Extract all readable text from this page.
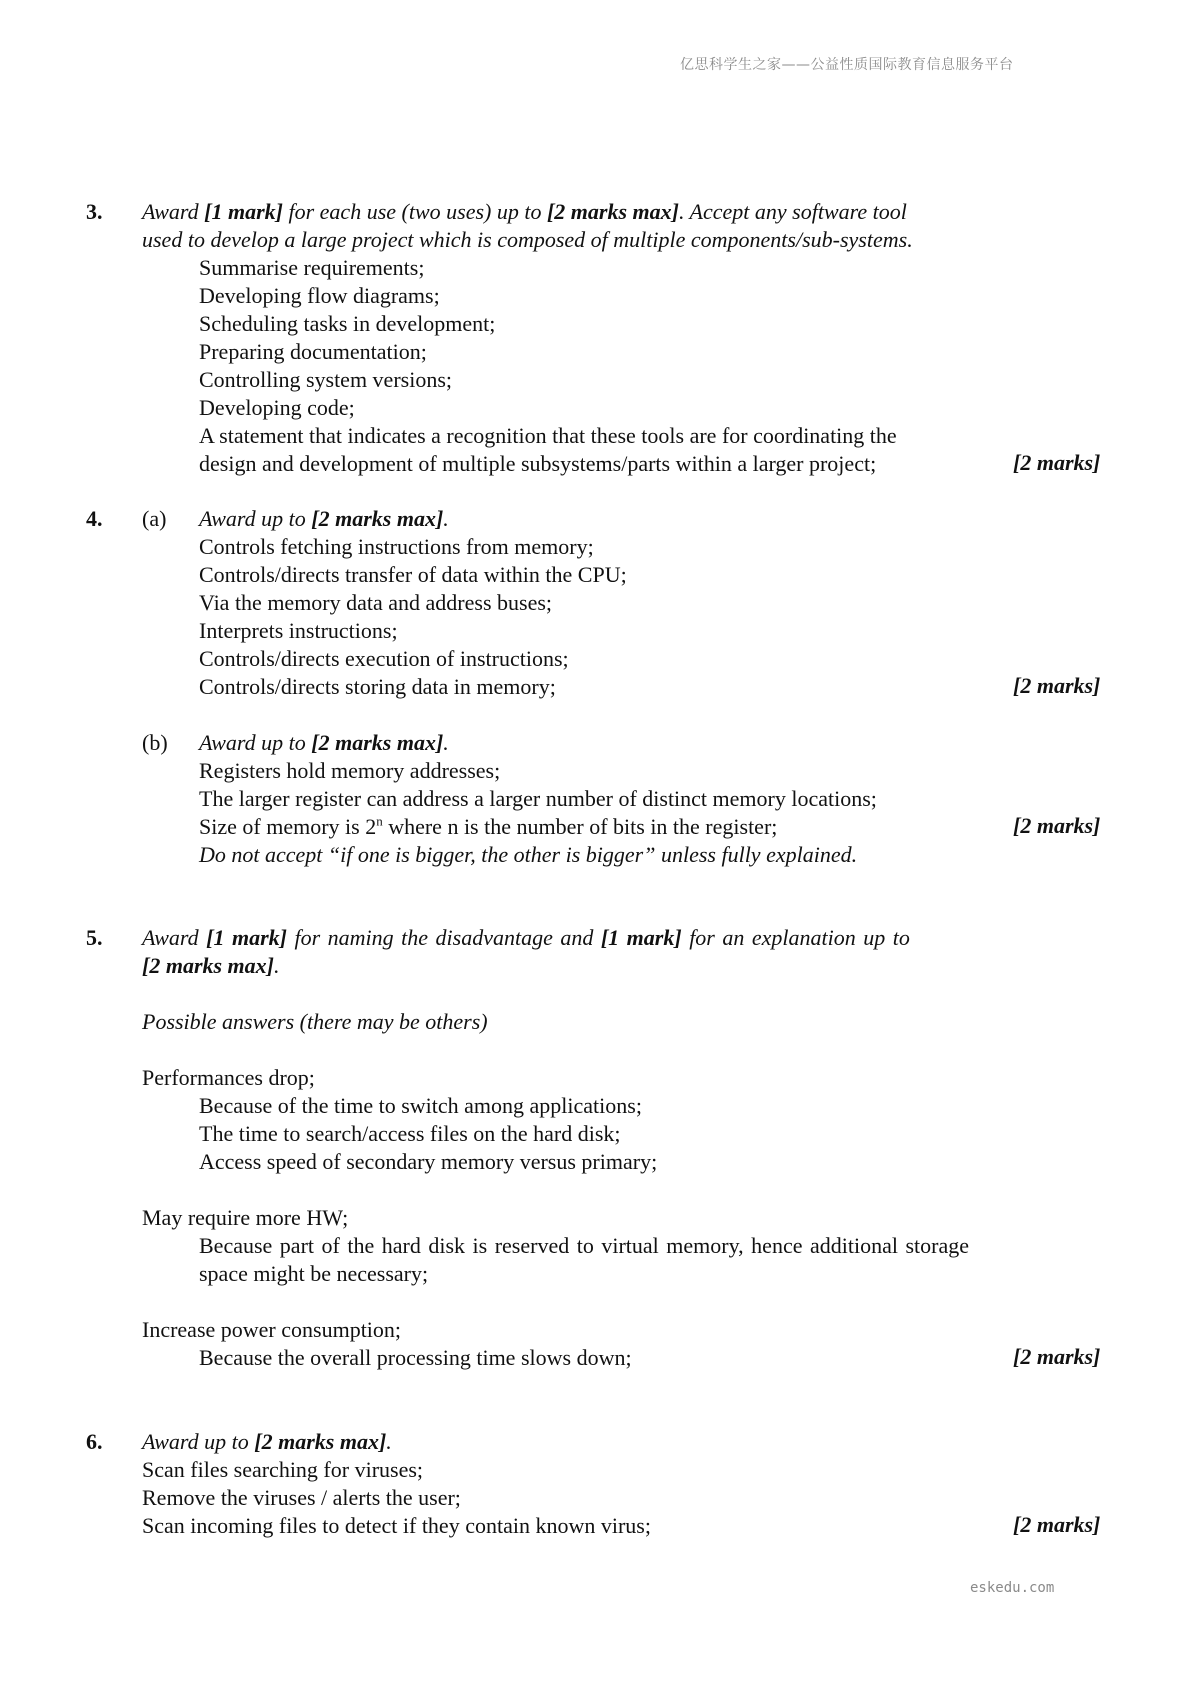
亿思科学生之家——公益性质国际教育信息服务平台
3. Award [1 mark] for each use (two uses) up to [2 marks max]. Accept any software tool
used to develop a large project which is composed of multiple components/sub-systems.
Summarise requirements;
Developing flow diagrams;
Scheduling tasks in development;
Preparing documentation;
Controlling system versions;
Developing code;
A statement that indicates a recognition that these tools are for coordinating the
design and development of multiple subsystems/parts within a larger project;	[2 marks]
4. (a) Award up to [2 marks max].
Controls fetching instructions from memory;
Controls/directs transfer of data within the CPU;
Via the memory data and address buses;
Interprets instructions;
Controls/directs execution of instructions;
Controls/directs storing data in memory;	[2 marks]
(b) Award up to [2 marks max].
Registers hold memory addresses;
The larger register can address a larger number of distinct memory locations;
Size of memory is 2$^n$ where n is the number of bits in the register;	[2 marks]
Do not accept “if one is bigger, the other is bigger” unless fully explained.
5. Award [1 mark] for naming the disadvantage and [1 mark] for an explanation up to
[2 marks max].
Possible answers (there may be others)
Performances drop;
Because of the time to switch among applications;
The time to search/access files on the hard disk;
Access speed of secondary memory versus primary;
May require more HW;
Because part of the hard disk is reserved to virtual memory, hence additional storage space might be necessary;
Increase power consumption;
Because the overall processing time slows down;	[2 marks]
6. Award up to [2 marks max].
Scan files searching for viruses;
Remove the viruses / alerts the user;
Scan incoming files to detect if they contain known virus;	[2 marks]
eskedu.com
